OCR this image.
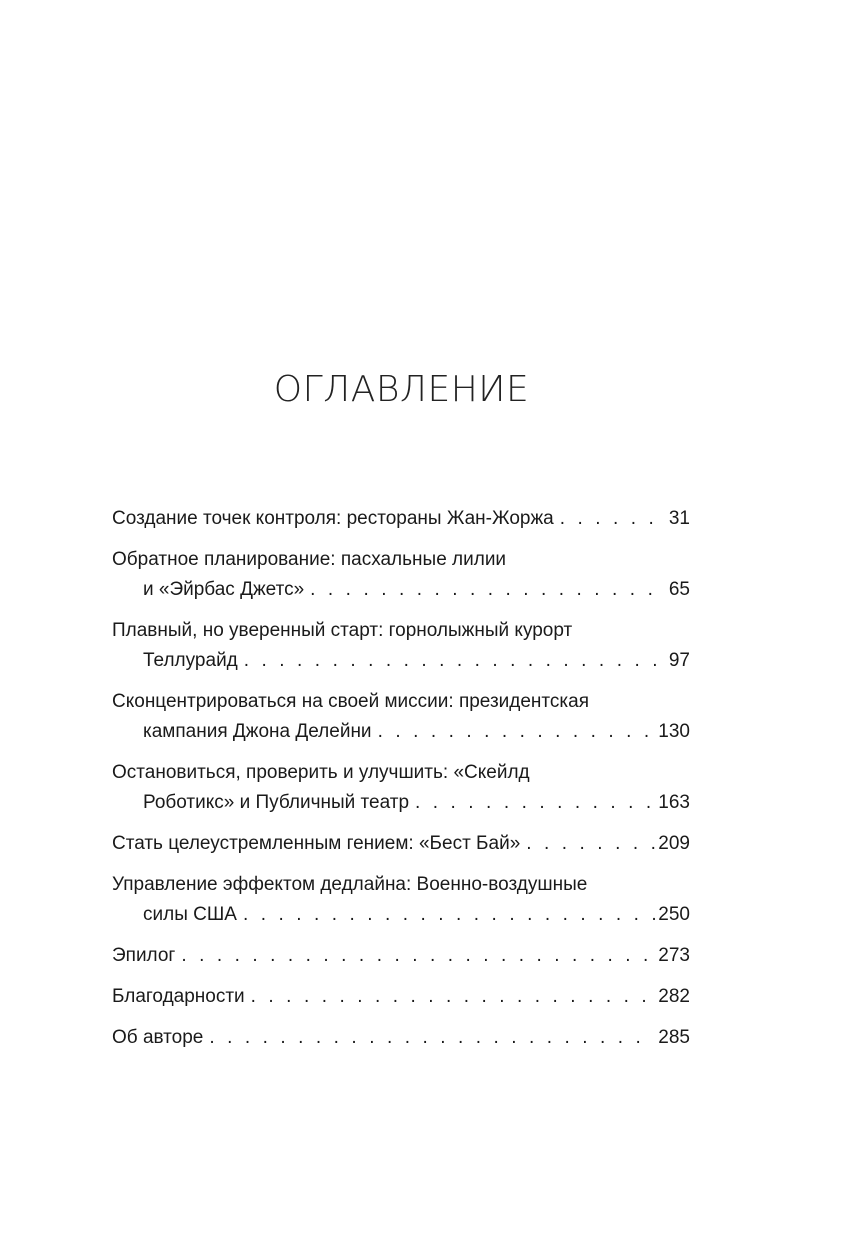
ОГЛАВЛЕНИЕ
Создание точек контроля: рестораны Жан-Жоржа . . .	31
Обратное планирование: пасхальные лилии
и «Эйрбас Джетс» . . .	65
Плавный, но уверенный старт: горнолыжный курорт
Теллурайд . . .	97
Сконцентрироваться на своей миссии: президентская
кампания Джона Делейни . . .	130
Остановиться, проверить и улучшить: «Скейлд
Роботикс» и Публичный театр . . .	163
Стать целеустремленным гением: «Бест Бай» . . .	209
Управление эффектом дедлайна: Военно-воздушные
силы США . . .	250
Эпилог . . .	273
Благодарности . . .	282
Об авторе . . .	285
